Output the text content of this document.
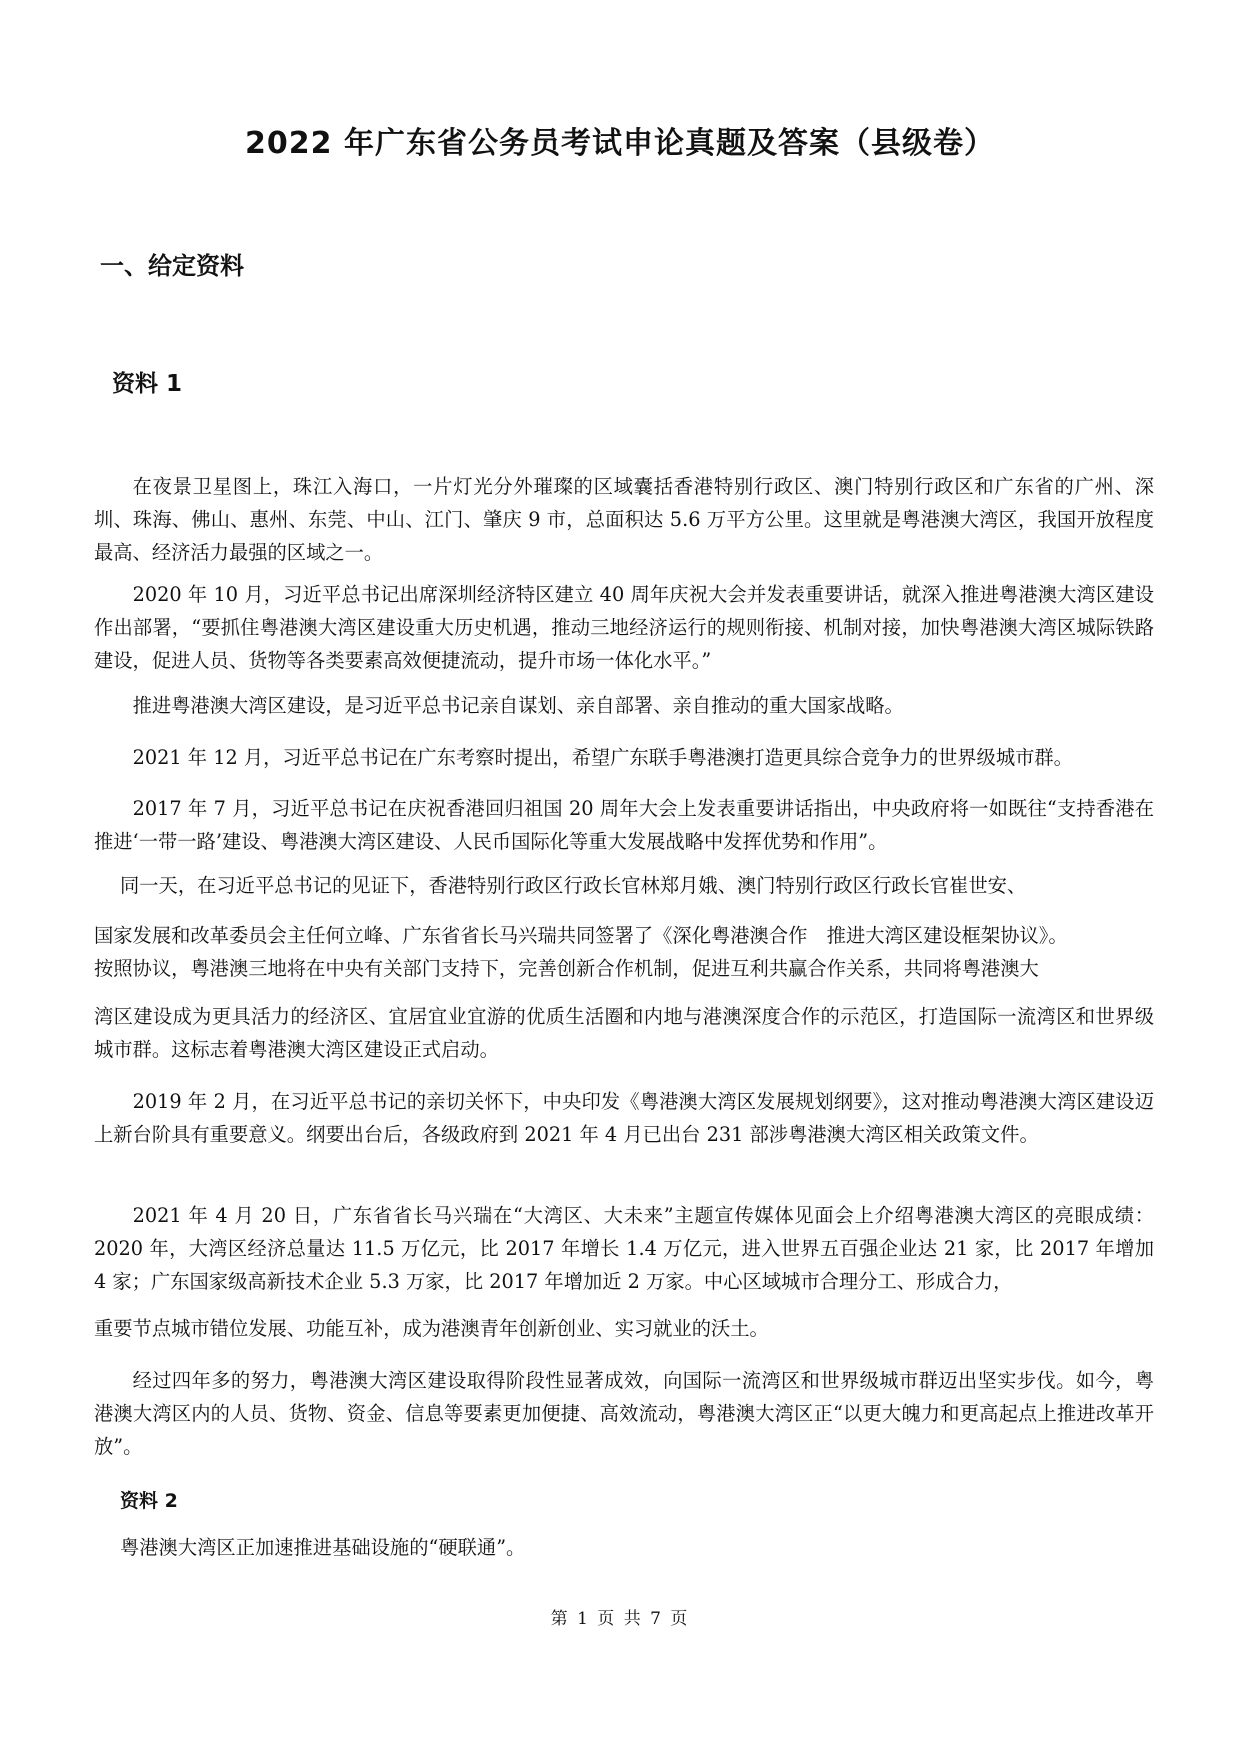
2022 年广东省公务员考试申论真题及答案（县级卷）
一、给定资料
资料 1
在夜景卫星图上，珠江入海口，一片灯光分外璀璨的区域囊括香港特别行政区、澳门特别行政区和广东省的广州、深圳、珠海、佛山、惠州、东莞、中山、江门、肇庆 9 市，总面积达 5.6 万平方公里。这里就是粤港澳大湾区，我国开放程度最高、经济活力最强的区域之一。
2020 年 10 月，习近平总书记出席深圳经济特区建立 40 周年庆祝大会并发表重要讲话，就深入推进粤港澳大湾区建设作出部署，“要抓住粤港澳大湾区建设重大历史机遇，推动三地经济运行的规则衔接、机制对接，加快粤港澳大湾区城际铁路建设，促进人员、货物等各类要素高效便捷流动，提升市场一体化水平。”
推进粤港澳大湾区建设，是习近平总书记亲自谋划、亲自部署、亲自推动的重大国家战略。
2021 年 12 月，习近平总书记在广东考察时提出，希望广东联手粤港澳打造更具综合竞争力的世界级城市群。
2017 年 7 月，习近平总书记在庆祝香港回归祖国 20 周年大会上发表重要讲话指出，中央政府将一如既往“支持香港在推进‘一带一路’建设、粤港澳大湾区建设、人民币国际化等重大发展战略中发挥优势和作用”。
同一天，在习近平总书记的见证下，香港特别行政区行政长官林郑月娥、澳门特别行政区行政长官崔世安、
国家发展和改革委员会主任何立峰、广东省省长马兴瑞共同签署了《深化粤港澳合作　推进大湾区建设框架协议》。
按照协议，粤港澳三地将在中央有关部门支持下，完善创新合作机制，促进互利共赢合作关系，共同将粤港澳大
湾区建设成为更具活力的经济区、宜居宜业宜游的优质生活圈和内地与港澳深度合作的示范区，打造国际一流湾区和世界级城市群。这标志着粤港澳大湾区建设正式启动。
2019 年 2 月，在习近平总书记的亲切关怀下，中央印发《粤港澳大湾区发展规划纲要》，这对推动粤港澳大湾区建设迈上新台阶具有重要意义。纲要出台后，各级政府到 2021 年 4 月已出台 231 部涉粤港澳大湾区相关政策文件。
2021 年 4 月 20 日，广东省省长马兴瑞在“大湾区、大未来”主题宣传媒体见面会上介绍粤港澳大湾区的亮眼成绩：2020 年，大湾区经济总量达 11.5 万亿元，比 2017 年增长 1.4 万亿元，进入世界五百强企业达 21 家，比 2017 年增加 4 家；广东国家级高新技术企业 5.3 万家，比 2017 年增加近 2 万家。中心区域城市合理分工、形成合力，
重要节点城市错位发展、功能互补，成为港澳青年创新创业、实习就业的沃土。
经过四年多的努力，粤港澳大湾区建设取得阶段性显著成效，向国际一流湾区和世界级城市群迈出坚实步伐。如今，粤港澳大湾区内的人员、货物、资金、信息等要素更加便捷、高效流动，粤港澳大湾区正“以更大魄力和更高起点上推进改革开放”。
资料 2
粤港澳大湾区正加速推进基础设施的“硬联通”。
第 1 页 共 7 页
